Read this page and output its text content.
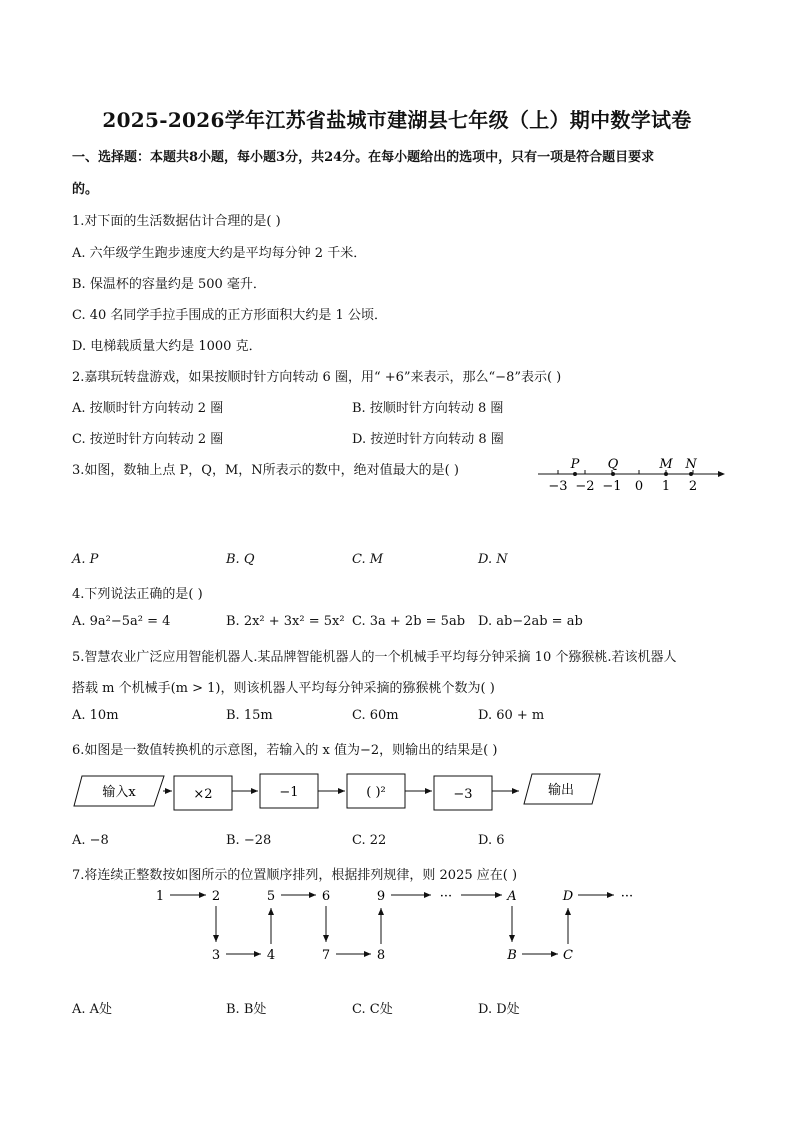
2025-2026学年江苏省盐城市建湖县七年级（上）期中数学试卷
一、选择题：本题共8小题，每小题3分，共24分。在每小题给出的选项中，只有一项是符合题目要求
的。
1.对下面的生活数据估计合理的是( )
A. 六年级学生跑步速度大约是平均每分钟 2 千米．
B. 保温杯的容量约是 500 毫升．
C. 40 名同学手拉手围成的正方形面积大约是 1 公顷．
D. 电梯载质量大约是 1000 克．
2.嘉琪玩转盘游戏，如果按顺时针方向转动 6 圈，用“ +6”来表示，那么“−8”表示( )
A. 按顺时针方向转动 2 圈	B. 按顺时针方向转动 8 圈
C. 按逆时针方向转动 2 圈	D. 按逆时针方向转动 8 圈
3.如图，数轴上点 P，Q，M，N所表示的数中，绝对值最大的是( )	P Q	M N
−3 −2 −1 0 1 2
A. P	B. Q	C. M	D. N
4.下列说法正确的是( )
A. 9a²−5a² = 4	B. 2x² + 3x² = 5x² C. 3a + 2b = 5ab D. ab−2ab = ab
5.智慧农业广泛应用智能机器人.某品牌智能机器人的一个机械手平均每分钟采摘 10 个猕猴桃.若该机器人
搭载 m 个机械手(m > 1)，则该机器人平均每分钟采摘的猕猴桃个数为( )
A. 10m	B. 15m	C. 60m	D. 60 + m
6.如图是一数值转换机的示意图，若输入的 x 值为−2，则输出的结果是( )
输入x	×2	−1	( )²	−3	输出
A. −8	B. −28	C. 22	D. 6
7.将连续正整数按如图所示的位置顺序排列，根据排列规律，则 2025 应在( )
1	2	5	6	9	···	A	D	···
3	4	7	8	B	C
A. A处	B. B处	C. C处	D. D处
